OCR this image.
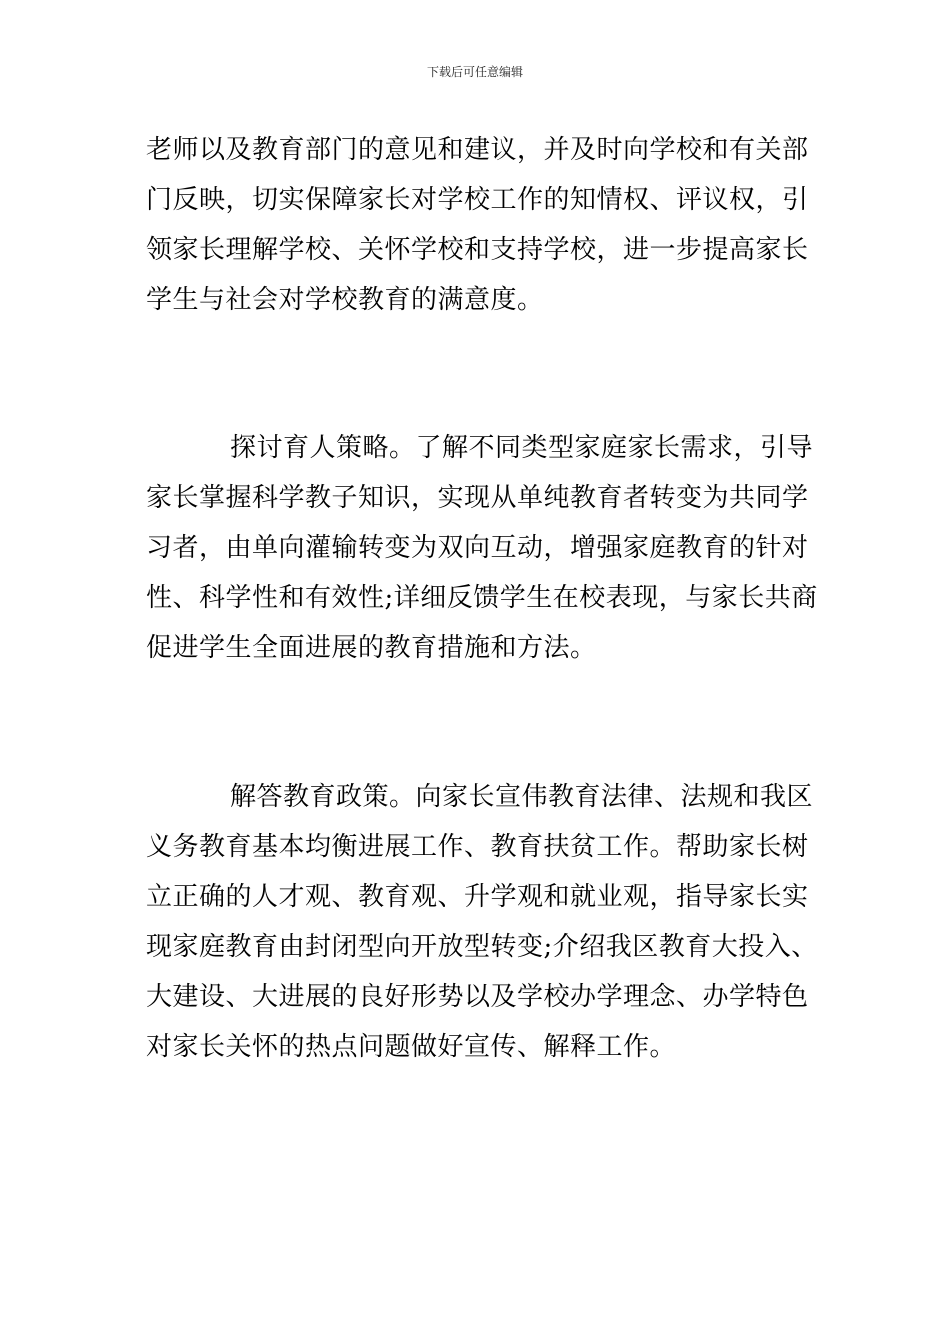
下载后可任意编辑
老师以及教育部门的意见和建议，并及时向学校和有关部
门反映，切实保障家长对学校工作的知情权、评议权，引
领家长理解学校、关怀学校和支持学校，进一步提高家长
学生与社会对学校教育的满意度。
探讨育人策略。了解不同类型家庭家长需求，引导
家长掌握科学教子知识，实现从单纯教育者转变为共同学
习者，由单向灌输转变为双向互动，增强家庭教育的针对
性、科学性和有效性;详细反馈学生在校表现，与家长共商
促进学生全面进展的教育措施和方法。
解答教育政策。向家长宣伟教育法律、法规和我区
义务教育基本均衡进展工作、教育扶贫工作。帮助家长树
立正确的人才观、教育观、升学观和就业观，指导家长实
现家庭教育由封闭型向开放型转变;介绍我区教育大投入、
大建设、大进展的良好形势以及学校办学理念、办学特色
对家长关怀的热点问题做好宣传、解释工作。
